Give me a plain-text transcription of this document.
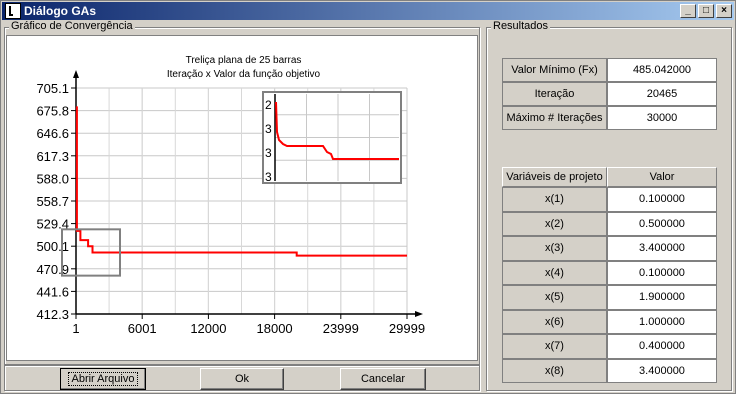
Diálogo GAs	_	□	×
Gráfico de Convergência
Treliça plana de 25 barras
Iteração x Valor da função objetivo
705.1
675.8
646.6
617.3
588.0
558.7
529.4
500.1
470.9
441.6
412.3
1	6001	12000 18000 23999 29999
2
3
3
3
Abrir Arquivo	Ok	Cancelar
Resultados
Valor Mínimo (Fx)	485.042000
Iteração	20465
Máximo # Iterações	30000
Variáveis de projeto	Valor
x(1)	0.100000
x(2)	0.500000
x(3)	3.400000
x(4)	0.100000
x(5)	1.900000
x(6)	1.000000
x(7)	0.400000
x(8)	3.400000
